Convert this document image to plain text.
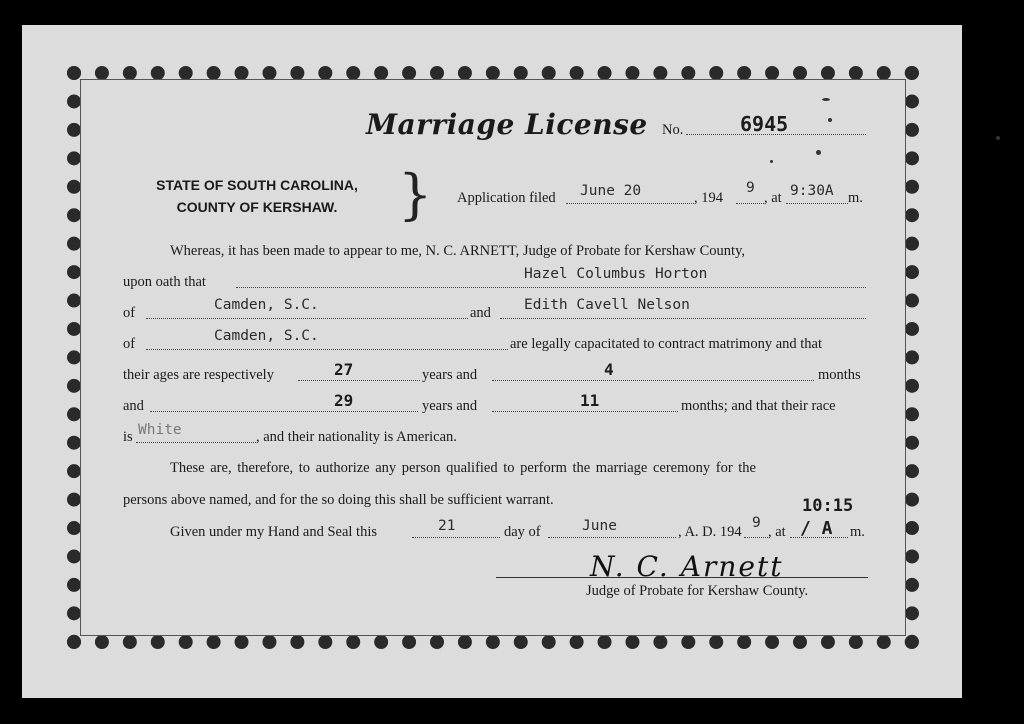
Marriage License No.	6945
STATE OF SOUTH CAROLINA,
COUNTY OF KERSHAW.	} Application filed June 20	, 194
9
, at 9:30A m.
Whereas, it has been made to appear to me, N. C. ARNETT, Judge of Probate for Kershaw County,
upon oath that	Hazel Columbus Horton
of	Camden, S.C.	and Edith Cavell Nelson
of	Camden, S.C.	are legally capacitated to contract matrimony and that
their ages are respectively	27	years and	4	months
and	29	years and	11	months; and that their race
is White	, and their nationality is American.
These are, therefore, to authorize any person qualified to perform the marriage ceremony for the
persons above named, and for the so doing this shall be sufficient warrant.	10:15
Given under my Hand and Seal this	21	day of	June	, A. D. 194
9
, at / A m.
N. C. Arnett
Judge of Probate for Kershaw County.
